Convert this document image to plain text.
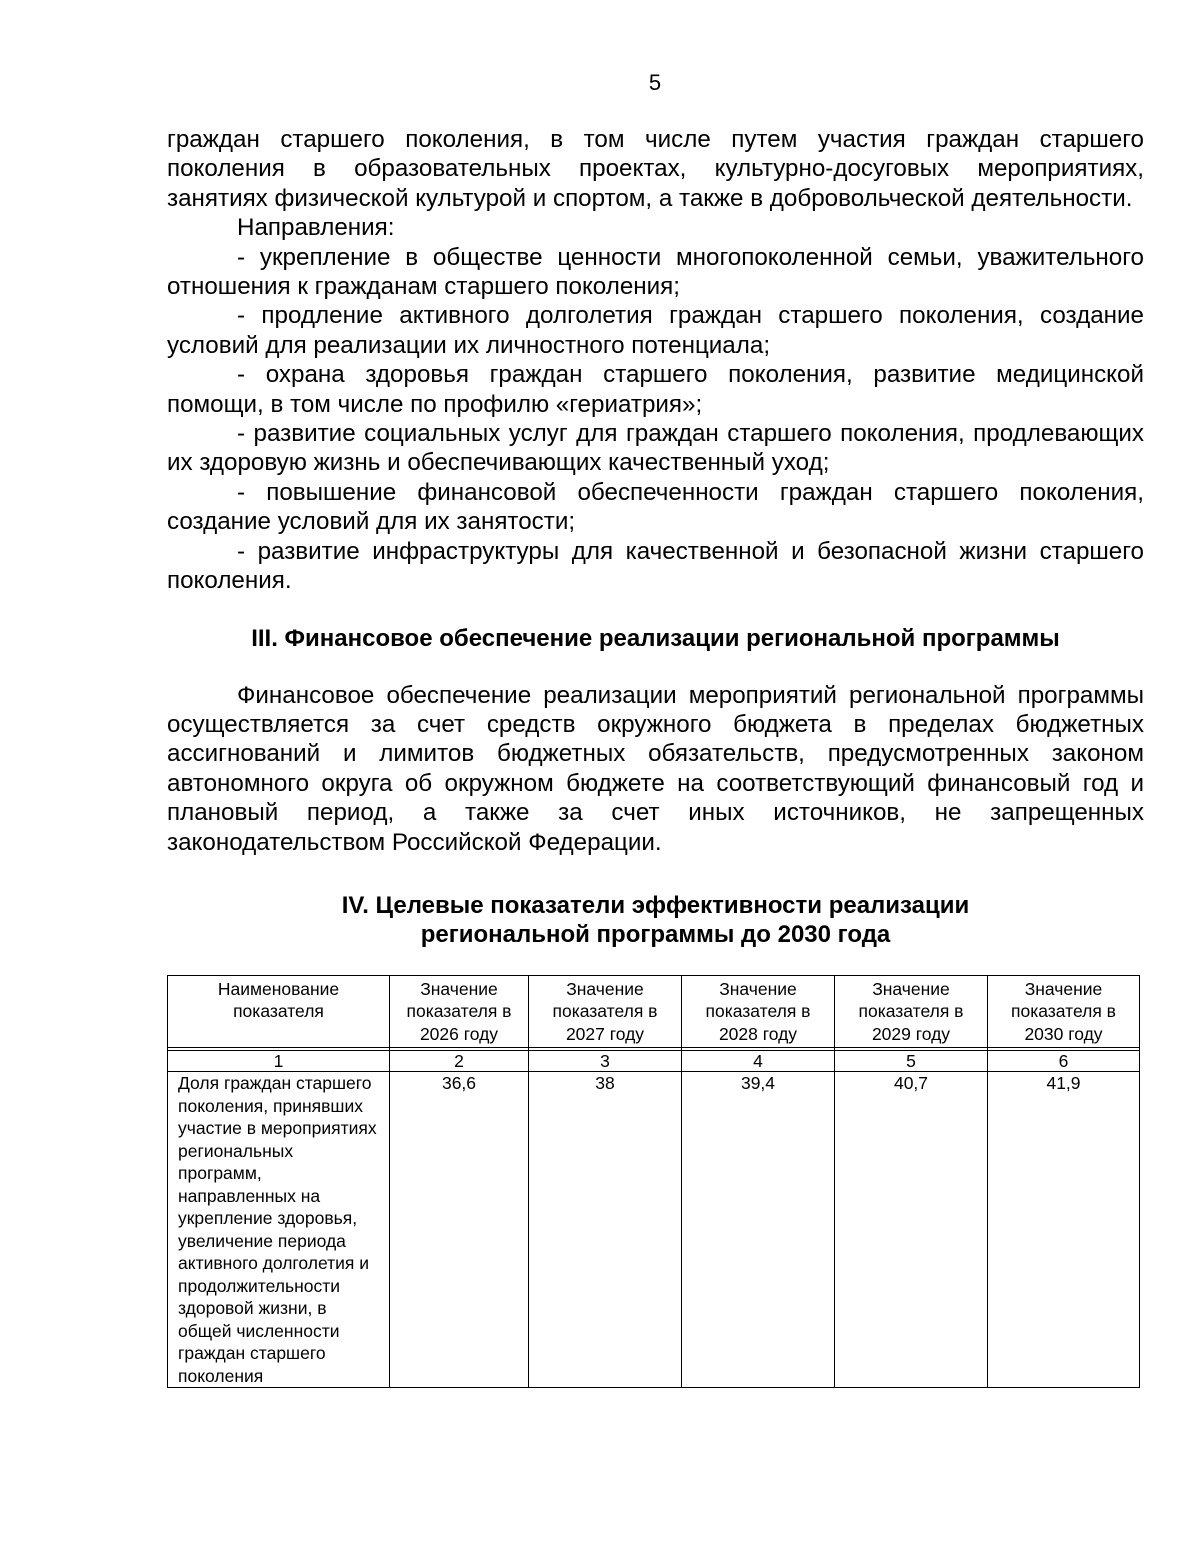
5

граждан старшего поколения, в том числе путем участия граждан старшего поколения в образовательных проектах, культурно-досуговых мероприятиях, занятиях физической культурой и спортом, а также в добровольческой деятельности.

Направления:

- укрепление в обществе ценности многопоколенной семьи, уважительного отношения к гражданам старшего поколения;

- продление активного долголетия граждан старшего поколения, создание условий для реализации их личностного потенциала;

- охрана здоровья граждан старшего поколения, развитие медицинской помощи, в том числе по профилю «гериатрия»;

- развитие социальных услуг для граждан старшего поколения, продлевающих их здоровую жизнь и обеспечивающих качественный уход;

- повышение финансовой обеспеченности граждан старшего поколения, создание условий для их занятости;

- развитие инфраструктуры для качественной и безопасной жизни старшего поколения.

III. Финансовое обеспечение реализации региональной программы

Финансовое обеспечение реализации мероприятий региональной программы осуществляется за счет средств окружного бюджета в пределах бюджетных ассигнований и лимитов бюджетных обязательств, предусмотренных законом автономного округа об окружном бюджете на соответствующий финансовый год и плановый период, а также за счет иных источников, не запрещенных законодательством Российской Федерации.

IV. Целевые показатели эффективности реализации
региональной программы до 2030 года
Наименование показателя	Значение показателя в 2026 году	Значение показателя в 2027 году	Значение показателя в 2028 году	Значение показателя в 2029 году	Значение показателя в 2030 году

1	2	3	4	5	6
Доля граждан старшего поколения, принявших участие в мероприятиях региональных программ, направленных на укрепление здоровья, увеличение периода активного долголетия и продолжительности здоровой жизни, в общей численности граждан старшего поколения	36,6	38	39,4	40,7	41,9
